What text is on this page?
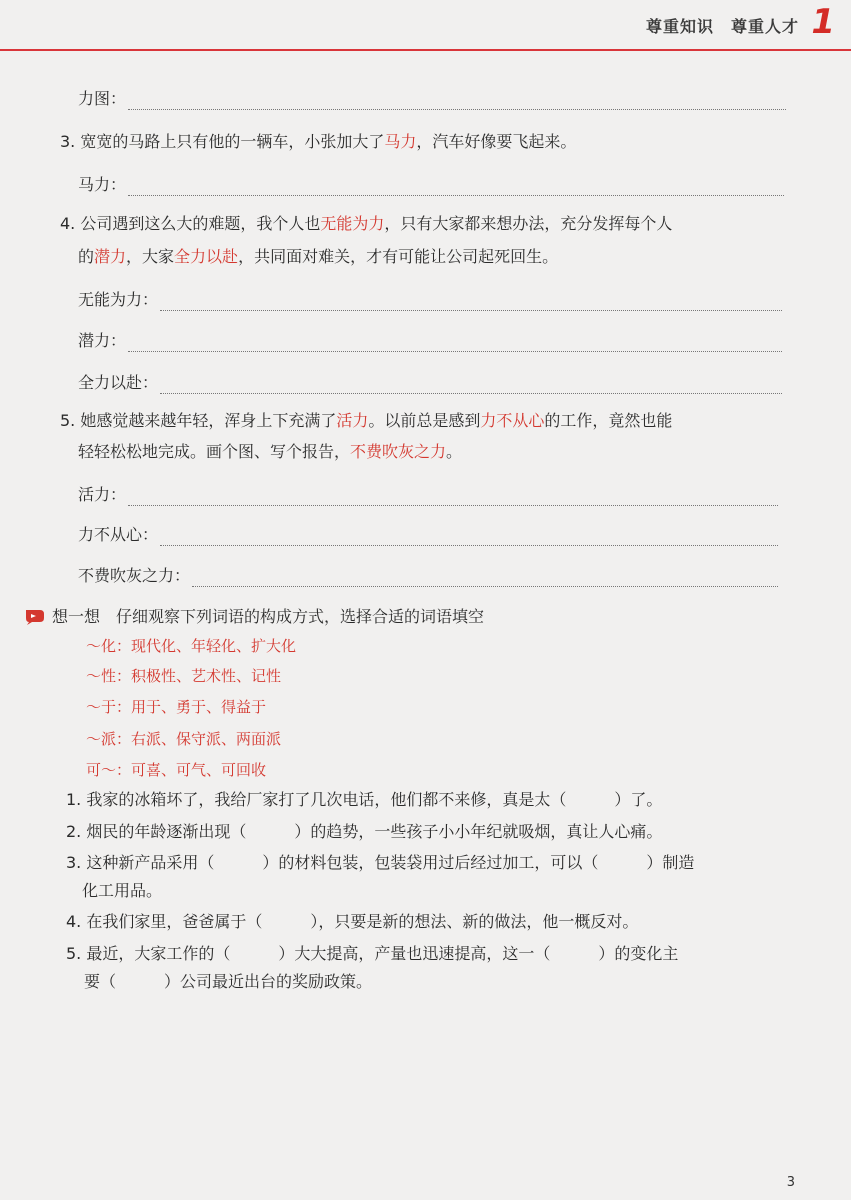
尊重知识　尊重人才 1
力图：
3. 宽宽的马路上只有他的一辆车，小张加大了马力，汽车好像要飞起来。
马力：
4. 公司遇到这么大的难题，我个人也无能为力，只有大家都来想办法，充分发挥每个人
的潜力，大家全力以赴，共同面对难关，才有可能让公司起死回生。
无能为力：
潜力：
全力以赴：
5. 她感觉越来越年轻，浑身上下充满了活力。以前总是感到力不从心的工作，竟然也能
轻轻松松地完成。画个图、写个报告，不费吹灰之力。
活力：
力不从心：
不费吹灰之力：
想一想 仔细观察下列词语的构成方式，选择合适的词语填空
～化：现代化、年轻化、扩大化
～性：积极性、艺术性、记性
～于：用于、勇于、得益于
～派：右派、保守派、两面派
可～：可喜、可气、可回收
1. 我家的冰箱坏了，我给厂家打了几次电话，他们都不来修，真是太（　　　）了。
2. 烟民的年龄逐渐出现（　　　）的趋势，一些孩子小小年纪就吸烟，真让人心痛。
3. 这种新产品采用（　　　）的材料包装，包装袋用过后经过加工，可以（　　　）制造
化工用品。
4. 在我们家里，爸爸属于（　　　），只要是新的想法、新的做法，他一概反对。
5. 最近，大家工作的（　　　）大大提高，产量也迅速提高，这一（　　　）的变化主
要（　　　）公司最近出台的奖励政策。
3
